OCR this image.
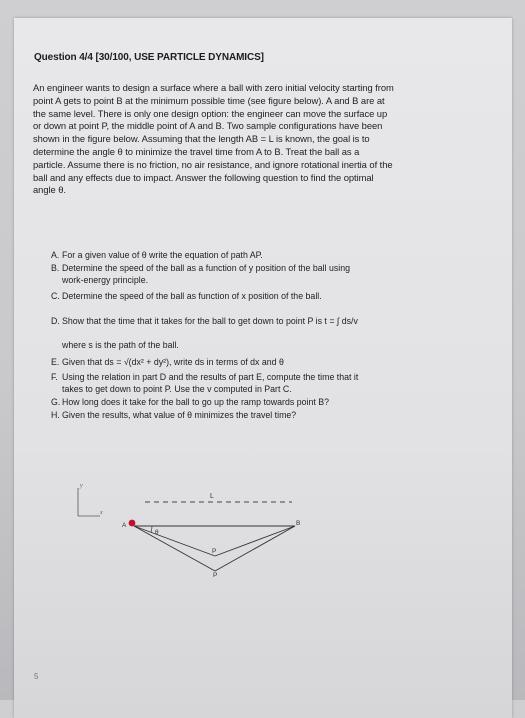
Question 4/4 [30/100, USE PARTICLE DYNAMICS]
An engineer wants to design a surface where a ball with zero initial velocity starting from
point A gets to point B at the minimum possible time (see figure below). A and B are at
the same level. There is only one design option: the engineer can move the surface up
or down at point P, the middle point of A and B. Two sample configurations have been
shown in the figure below. Assuming that the length AB = L is known, the goal is to
determine the angle θ to minimize the travel time from A to B. Treat the ball as a
particle. Assume there is no friction, no air resistance, and ignore rotational inertia of the
ball and any effects due to impact. Answer the following question to find the optimal
angle θ.
A. For a given value of θ write the equation of path AP.
B. Determine the speed of the ball as a function of y position of the ball using
work-energy principle.
C. Determine the speed of the ball as function of x position of the ball.
D. Show that the time that it takes for the ball to get down to point P is t = ∫ ds/v
where s is the path of the ball.
E. Given that ds = √(dx² + dy²), write ds in terms of dx and θ
F. Using the relation in part D and the results of part E, compute the time that it
takes to get down to point P. Use the v computed in Part C.
G. How long does it take for the ball to go up the ramp towards point B?
H. Given the results, what value of θ minimizes the travel time?
y
x
L
θ
A	B
P
P
5
